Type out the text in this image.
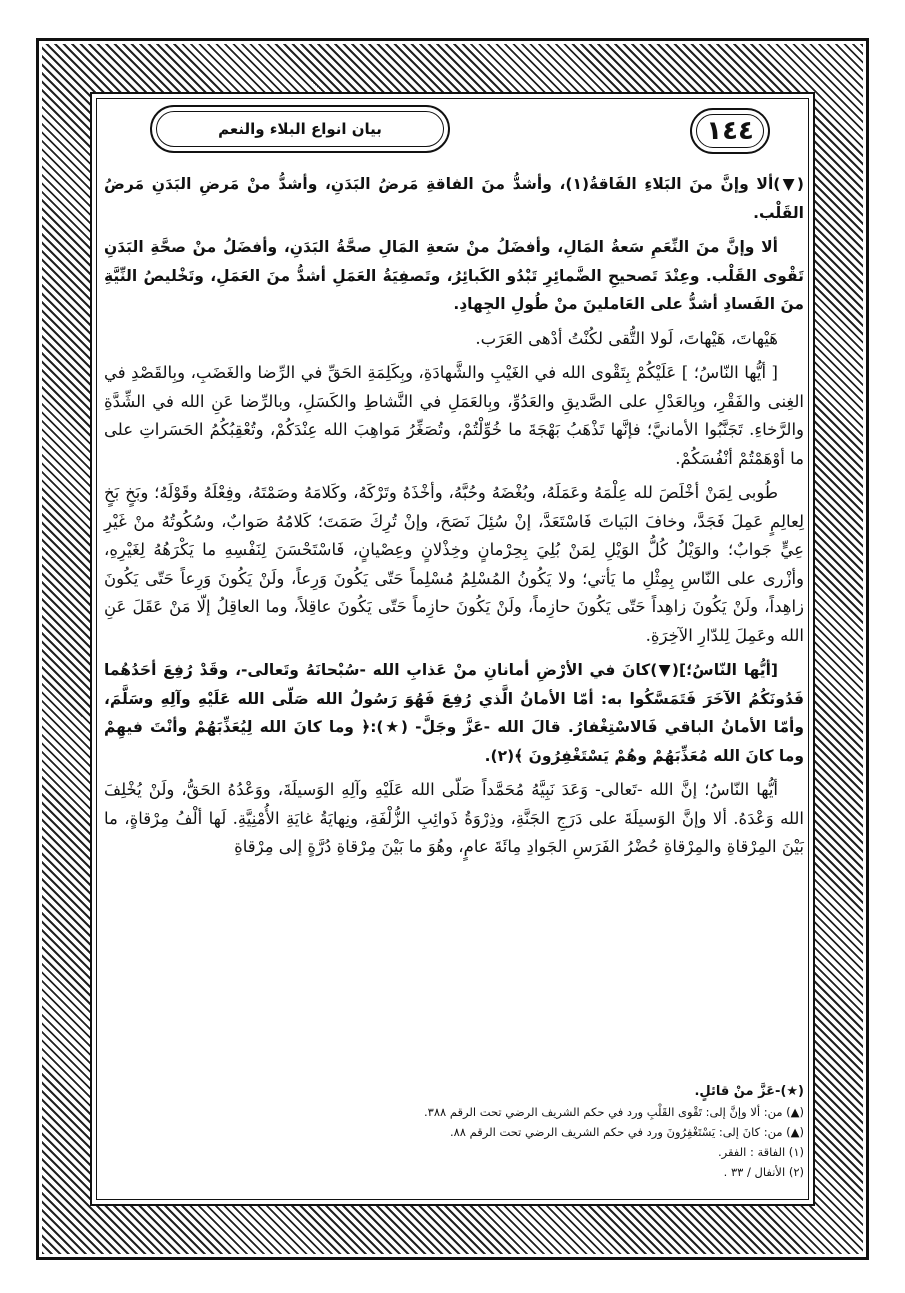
بيان انواع البلاء والنعم	١٤٤

(▼)ألا وإنَّ منَ البَلاءِ الفَاقةُ(١)، وأشدُّ منَ الفاقةِ مَرضُ البَدَنِ، وأشدُّ منْ مَرضِ البَدَنِ مَرضُ القَلْب.

ألا وإنَّ منَ النِّعَمِ سَعةُ المَالِ، وأفضَلُ منْ سَعةِ المَالِ صحَّةُ البَدَنِ، وأفضَلُ منْ صحَّةِ البَدَنِ تَقْوى القَلْب. وعِنْدَ تَصحيحِ الضَّمائِرِ تَبْدُو الكَبائِرُ، وتَصفِيَةُ العَمَلِ أشدُّ منَ العَمَلِ، وتَخْليصُ النِّيَّةِ منَ الفَسادِ أشدُّ على العَاملينَ منْ طُولِ الجِهادِ.

هَيْهاتَ، هَيْهاتَ، لَولا التُّقى لكُنْتُ أدْهى العَرَب.

[ أيُّها النّاسُ؛ ] عَلَيْكُمْ بِتَقْوى الله في الغَيْبِ والشَّهادَةِ، وبِكَلِمَةِ الحَقِّ في الرِّضا والغَضَبِ، وبِالقَصْدِ في الغِنى والفَقْرِ، وبِالعَدْلِ على الصَّديقِ والعَدُوِّ، وبِالعَمَلِ في النَّشاطِ والكَسَلِ، وبالرِّضا عَنِ الله في الشِّدَّةِ والرَّخاءِ. تَجَنَّبُوا الأمانيَّ؛ فإنَّها تَذْهَبُ بَهْجَةَ ما خُوِّلْتُمْ، وتُصَغِّرُ مَواهِبَ الله عِنْدَكُمْ، وتُعْقِبُكُمُ الحَسَراتِ على ما أوْهَمْتُمْ أنْفُسَكُمْ.

طُوبى لِمَنْ أخْلَصَ لله عِلْمَهُ وعَمَلَهُ، وبُغْضَهُ وحُبَّهُ، وأخْذَهُ وتَرْكَهُ، وكَلامَهُ وصَمْتَهُ، وفِعْلَهُ وقَوْلَهُ؛ وبَخٍ بَخٍ لِعالِمٍ عَمِلَ فَجَدَّ، وخافَ البَياتَ فَاسْتَعَدَّ، إنْ سُئِلَ نَصَحَ، وإنْ تُرِكَ صَمَتَ؛ كَلامُهُ صَوابٌ، وسُكُوتُهُ منْ غَيْرِ عِيٍّ جَوابٌ؛ والوَيْلُ كُلُّ الوَيْلِ لِمَنْ بُلِيَ بِحِرْمانٍ وخِذْلانٍ وعِصْيانٍ، فَاسْتَحْسَنَ لِنَفْسِهِ ما يَكْرَهُهُ لِغَيْرِهِ، وأزْرى على النّاسِ بِمِثْلِ ما يَأتي؛ ولا يَكُونُ المُسْلِمُ مُسْلِماً حَتّى يَكُونَ وَرِعاً، ولَنْ يَكُونَ وَرِعاً حَتّى يَكُونَ زاهِداً، ولَنْ يَكُونَ زاهِداً حَتّى يَكُونَ حازِماً، ولَنْ يَكُونَ حازِماً حَتّى يَكُونَ عاقِلاً، وما العاقِلُ إلّا مَنْ عَقَلَ عَنِ الله وعَمِلَ لِلدّارِ الآخِرَةِ.

[أيُّها النّاسُ؛](▼)كانَ في الأرْضِ أمانانِ منْ عَذابِ الله -سُبْحانَهُ وتَعالى-، وقَدْ رُفِعَ أحَدُهُما فَدُونَكُمُ الآخَرَ فَتَمَسَّكُوا به: أمّا الأمانُ الَّذي رُفِعَ فَهُوَ رَسُولُ الله صَلّى الله عَلَيْهِ وآلِهِ وسَلَّمَ، وأمّا الأمانُ الباقي فَالاسْتِغْفارُ. قالَ الله -عَزَّ وجَلَّ- (★):﴿ وما كانَ الله لِيُعَذِّبَهُمْ وأنْتَ فيهِمْ وما كانَ الله مُعَذِّبَهُمْ وهُمْ يَسْتَغْفِرُونَ ﴾(٢).

أيُّها النّاسُ؛ إنَّ الله -تَعالى- وَعَدَ نَبِيَّهُ مُحَمَّداً صَلّى الله عَلَيْهِ وآلِهِ الوَسيلَةَ، ووَعْدُهُ الحَقُّ، ولَنْ يُخْلِفَ الله وَعْدَهُ. ألا وإنَّ الوَسيلَةَ على دَرَجِ الجَنَّةِ، وذِرْوَةُ ذَوائِبِ الزُّلْفَةِ، ونِهايَةُ غايَةِ الأُمْنِيَّةِ. لَها ألْفُ مِرْقاةٍ، ما بَيْنَ المِرْقاةِ والمِرْقاةِ حُضْرُ الفَرَسِ الجَوادِ مِائَةَ عامٍ، وهُوَ ما بَيْنَ مِرْقاةِ دُرَّةٍ إلى مِرْقاةِ

(★)-عَزَّ منْ قائلٍ.
(▲) من: ألا وإنَّ إلى: تَقْوى القَلْبِ ورد في حكم الشريف الرضي تحت الرقم ٣٨٨.
(▲) من: كانَ إلى: يَسْتَغْفِرُونَ ورد في حكم الشريف الرضي تحت الرقم ٨٨.
(١) الفاقة : الفقر.
(٢) الأنفال / ٣٣ .
